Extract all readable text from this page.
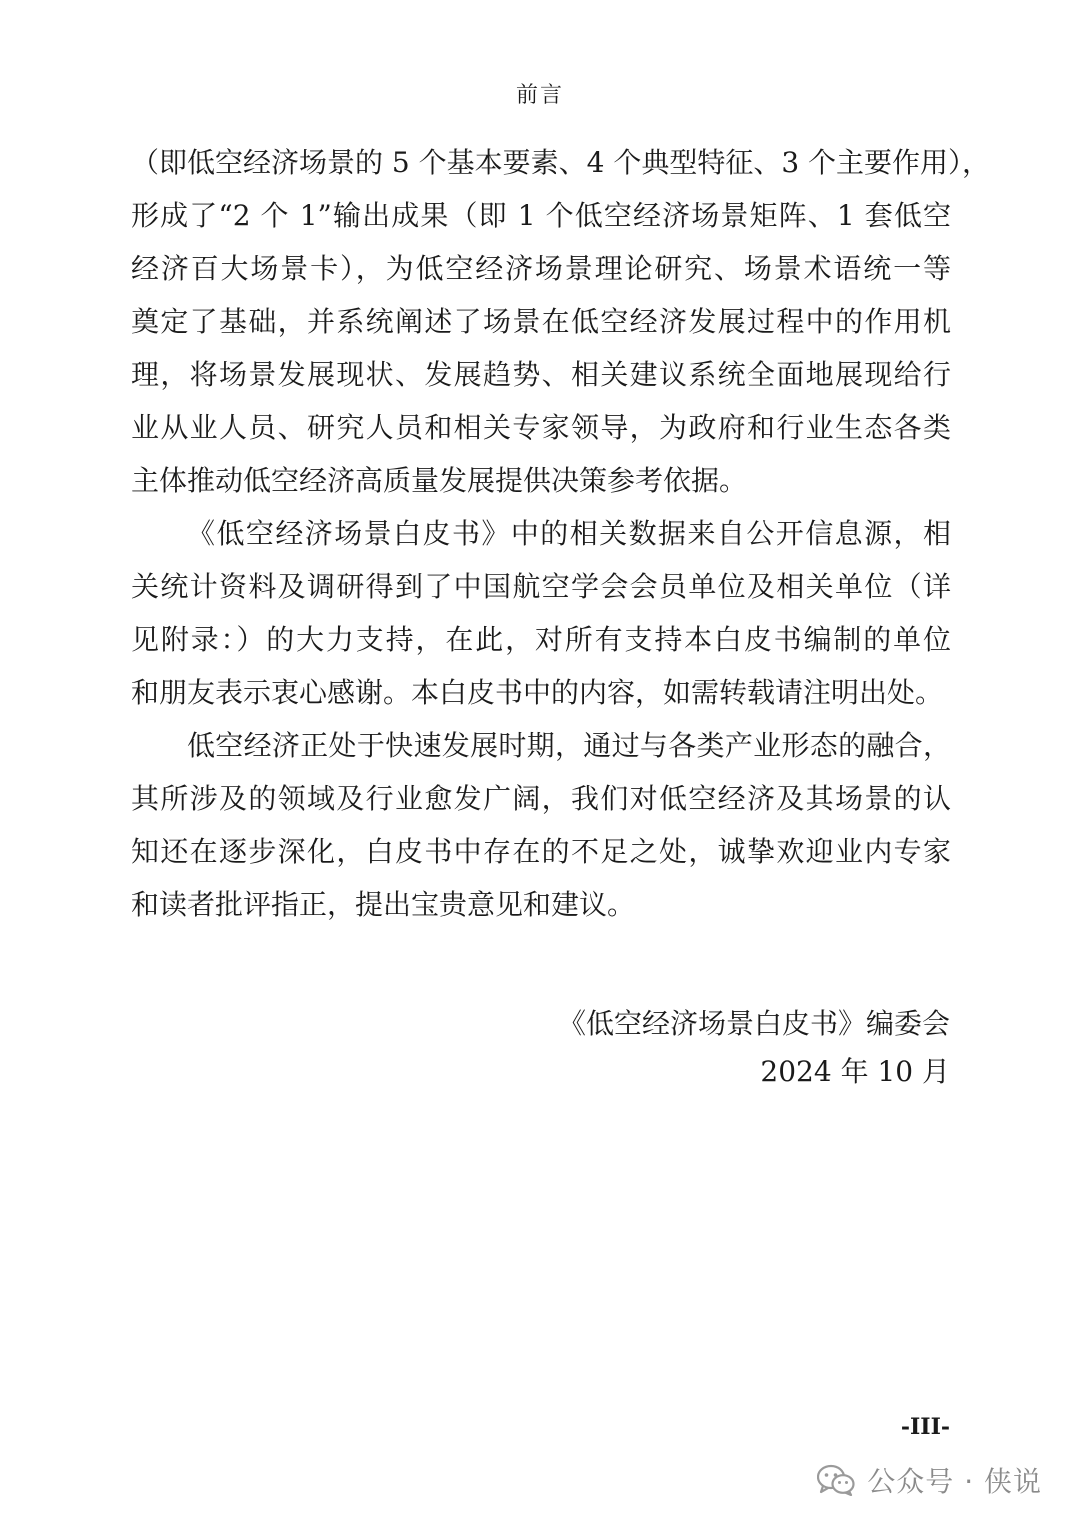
前言

（即低空经济场景的 5 个基本要素、4 个典型特征、3 个主要作用），
形成了“2 个 1”输出成果（即 1 个低空经济场景矩阵、1 套低空
经济百大场景卡），为低空经济场景理论研究、场景术语统一等
奠定了基础，并系统阐述了场景在低空经济发展过程中的作用机
理，将场景发展现状、发展趋势、相关建议系统全面地展现给行
业从业人员、研究人员和相关专家领导，为政府和行业生态各类
主体推动低空经济高质量发展提供决策参考依据。

《低空经济场景白皮书》中的相关数据来自公开信息源，相
关统计资料及调研得到了中国航空学会会员单位及相关单位（详
见附录：）的大力支持，在此，对所有支持本白皮书编制的单位
和朋友表示衷心感谢。本白皮书中的内容，如需转载请注明出处。

低空经济正处于快速发展时期，通过与各类产业形态的融合，
其所涉及的领域及行业愈发广阔，我们对低空经济及其场景的认
知还在逐步深化，白皮书中存在的不足之处，诚挚欢迎业内专家
和读者批评指正，提出宝贵意见和建议。

《低空经济场景白皮书》编委会
2024 年 10 月
-III-
公众号 · 侠说
